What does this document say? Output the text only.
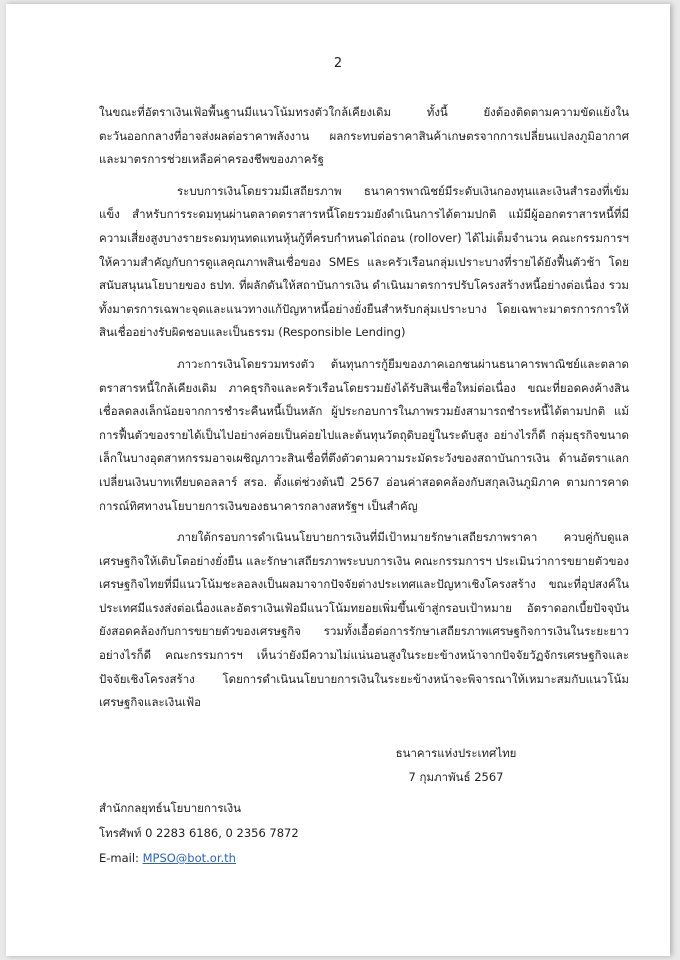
2

ในขณะที่อัตราเงินเฟ้อพื้นฐานมีแนวโน้มทรงตัวใกล้เคียงเดิม ทั้งนี้ ยังต้องติดตามความขัดแย้งในตะวันออกกลางที่อาจส่งผลต่อราคาพลังงาน ผลกระทบต่อราคาสินค้าเกษตรจากการเปลี่ยนแปลงภูมิอากาศ และมาตรการช่วยเหลือค่าครองชีพของภาครัฐ

ระบบการเงินโดยรวมมีเสถียรภาพ ธนาคารพาณิชย์มีระดับเงินกองทุนและเงินสำรองที่เข้มแข็ง สำหรับการระดมทุนผ่านตลาดตราสารหนี้โดยรวมยังดำเนินการได้ตามปกติ แม้มีผู้ออกตราสารหนี้ที่มีความเสี่ยงสูงบางรายระดมทุนทดแทนหุ้นกู้ที่ครบกำหนดไถ่ถอน (rollover) ได้ไม่เต็มจำนวน คณะกรรมการฯ ให้ความสำคัญกับการดูแลคุณภาพสินเชื่อของ SMEs และครัวเรือนกลุ่มเปราะบางที่รายได้ยังฟื้นตัวช้า โดยสนับสนุนนโยบายของ ธปท. ที่ผลักดันให้สถาบันการเงิน ดำเนินมาตรการปรับโครงสร้างหนี้อย่างต่อเนื่อง รวมทั้งมาตรการเฉพาะจุดและแนวทางแก้ปัญหาหนี้อย่างยั่งยืนสำหรับกลุ่มเปราะบาง โดยเฉพาะมาตรการการให้สินเชื่ออย่างรับผิดชอบและเป็นธรรม (Responsible Lending)

ภาวะการเงินโดยรวมทรงตัว ต้นทุนการกู้ยืมของภาคเอกชนผ่านธนาคารพาณิชย์และตลาดตราสารหนี้ใกล้เคียงเดิม ภาคธุรกิจและครัวเรือนโดยรวมยังได้รับสินเชื่อใหม่ต่อเนื่อง ขณะที่ยอดคงค้างสินเชื่อลดลงเล็กน้อยจากการชำระคืนหนี้เป็นหลัก ผู้ประกอบการในภาพรวมยังสามารถชำระหนี้ได้ตามปกติ แม้การฟื้นตัวของรายได้เป็นไปอย่างค่อยเป็นค่อยไปและต้นทุนวัตถุดิบอยู่ในระดับสูง อย่างไรก็ดี กลุ่มธุรกิจขนาดเล็กในบางอุตสาหกรรมอาจเผชิญภาวะสินเชื่อที่ตึงตัวตามความระมัดระวังของสถาบันการเงิน ด้านอัตราแลกเปลี่ยนเงินบาทเทียบดอลลาร์ สรอ. ตั้งแต่ช่วงต้นปี 2567 อ่อนค่าสอดคล้องกับสกุลเงินภูมิภาค ตามการคาดการณ์ทิศทางนโยบายการเงินของธนาคารกลางสหรัฐฯ เป็นสำคัญ

ภายใต้กรอบการดำเนินนโยบายการเงินที่มีเป้าหมายรักษาเสถียรภาพราคา ควบคู่กับดูแลเศรษฐกิจให้เติบโตอย่างยั่งยืน และรักษาเสถียรภาพระบบการเงิน คณะกรรมการฯ ประเมินว่าการขยายตัวของเศรษฐกิจไทยที่มีแนวโน้มชะลอลงเป็นผลมาจากปัจจัยต่างประเทศและปัญหาเชิงโครงสร้าง ขณะที่อุปสงค์ในประเทศมีแรงส่งต่อเนื่องและอัตราเงินเฟ้อมีแนวโน้มทยอยเพิ่มขึ้นเข้าสู่กรอบเป้าหมาย อัตราดอกเบี้ยปัจจุบันยังสอดคล้องกับการขยายตัวของเศรษฐกิจ รวมทั้งเอื้อต่อการรักษาเสถียรภาพเศรษฐกิจการเงินในระยะยาว อย่างไรก็ดี คณะกรรมการฯ เห็นว่ายังมีความไม่แน่นอนสูงในระยะข้างหน้าจากปัจจัยวัฏจักรเศรษฐกิจและปัจจัยเชิงโครงสร้าง โดยการดำเนินนโยบายการเงินในระยะข้างหน้าจะพิจารณาให้เหมาะสมกับแนวโน้มเศรษฐกิจและเงินเฟ้อ

ธนาคารแห่งประเทศไทย
7 กุมภาพันธ์ 2567
สำนักกลยุทธ์นโยบายการเงิน
โทรศัพท์ 0 2283 6186, 0 2356 7872
E-mail: MPSO@bot.or.th
